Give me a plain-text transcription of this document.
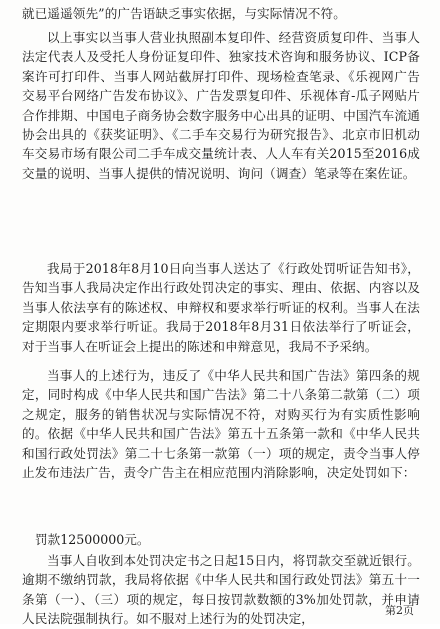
就已遥遥领先”的广告语缺乏事实依据，与实际情况不符。

以上事实以当事人营业执照副本复印件、经营资质复印件、当事人法定代表人及受托人身份证复印件、独家技术咨询和服务协议、ICP备案许可打印件、当事人网站截屏打印件、现场检查笔录、《乐视网广告交易平台网络广告发布协议》、广告发票复印件、乐视体育-瓜子网贴片合作排期、中国电子商务协会数字服务中心出具的证明、中国汽车流通协会出具的《获奖证明》、《二手车交易行为研究报告》、北京市旧机动车交易市场有限公司二手车成交量统计表、人人车有关2015至2016成交量的说明、当事人提供的情况说明、询问（调查）笔录等在案佐证。

我局于2018年8月10日向当事人送达了《行政处罚听证告知书》，告知当事人我局决定作出行政处罚决定的事实、理由、依据、内容以及当事人依法享有的陈述权、申辩权和要求举行听证的权利。当事人在法定期限内要求举行听证。我局于2018年8月31日依法举行了听证会，对于当事人在听证会上提出的陈述和申辩意见，我局不予采纳。

当事人的上述行为，违反了《中华人民共和国广告法》第四条的规定，同时构成《中华人民共和国广告法》第二十八条第二款第（二）项之规定，服务的销售状况与实际情况不符，对购买行为有实质性影响的。依据《中华人民共和国广告法》第五十五条第一款和《中华人民共和国行政处罚法》第二十七条第一款第（一）项的规定，责令当事人停止发布违法广告，责令广告主在相应范围内消除影响，决定处罚如下：

罚款12500000元。

当事人自收到本处罚决定书之日起15日内，将罚款交至就近银行。逾期不缴纳罚款，我局将依据《中华人民共和国行政处罚法》第五十一条第（一）、（三）项的规定，每日按罚款数额的3%加处罚款，并申请人民法院强制执行。如不服对上述行为的处罚决定，

第2页
